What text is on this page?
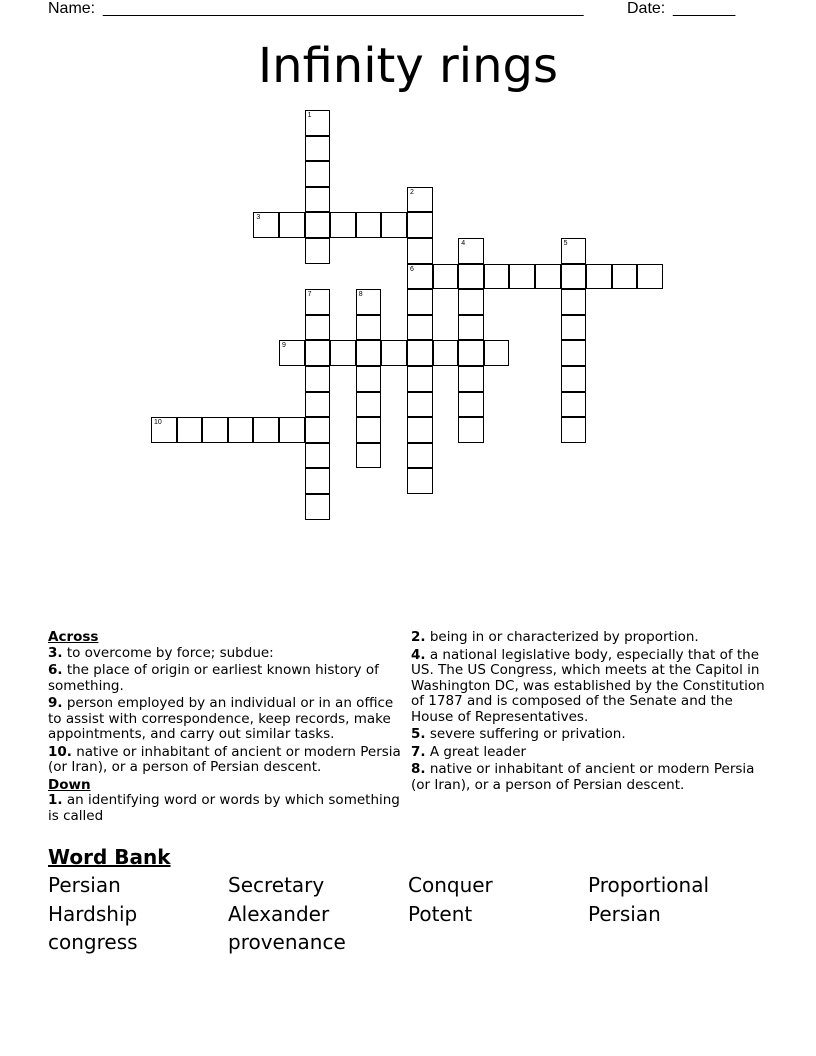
Name: ______________________________________________________	Date: _______
Infinity rings
1
2
6
3
4	5
7	8
9
10
Across
3. to overcome by force; subdue:
6. the place of origin or earliest known history of something.
9. person employed by an individual or in an office to assist with correspondence, keep records, make appointments, and carry out similar tasks.
10. native or inhabitant of ancient or modern Persia (or Iran), or a person of Persian descent.
Down
1. an identifying word or words by which something is called
2. being in or characterized by proportion.
4. a national legislative body, especially that of the US. The US Congress, which meets at the Capitol in Washington DC, was established by the Constitution of 1787 and is composed of the Senate and the House of Representatives.
5. severe suffering or privation.
7. A great leader
8. native or inhabitant of ancient or modern Persia (or Iran), or a person of Persian descent.
Word Bank
Persian	Secretary	Conquer	Proportional
Hardship	Alexander	Potent	Persian
congress	provenance
